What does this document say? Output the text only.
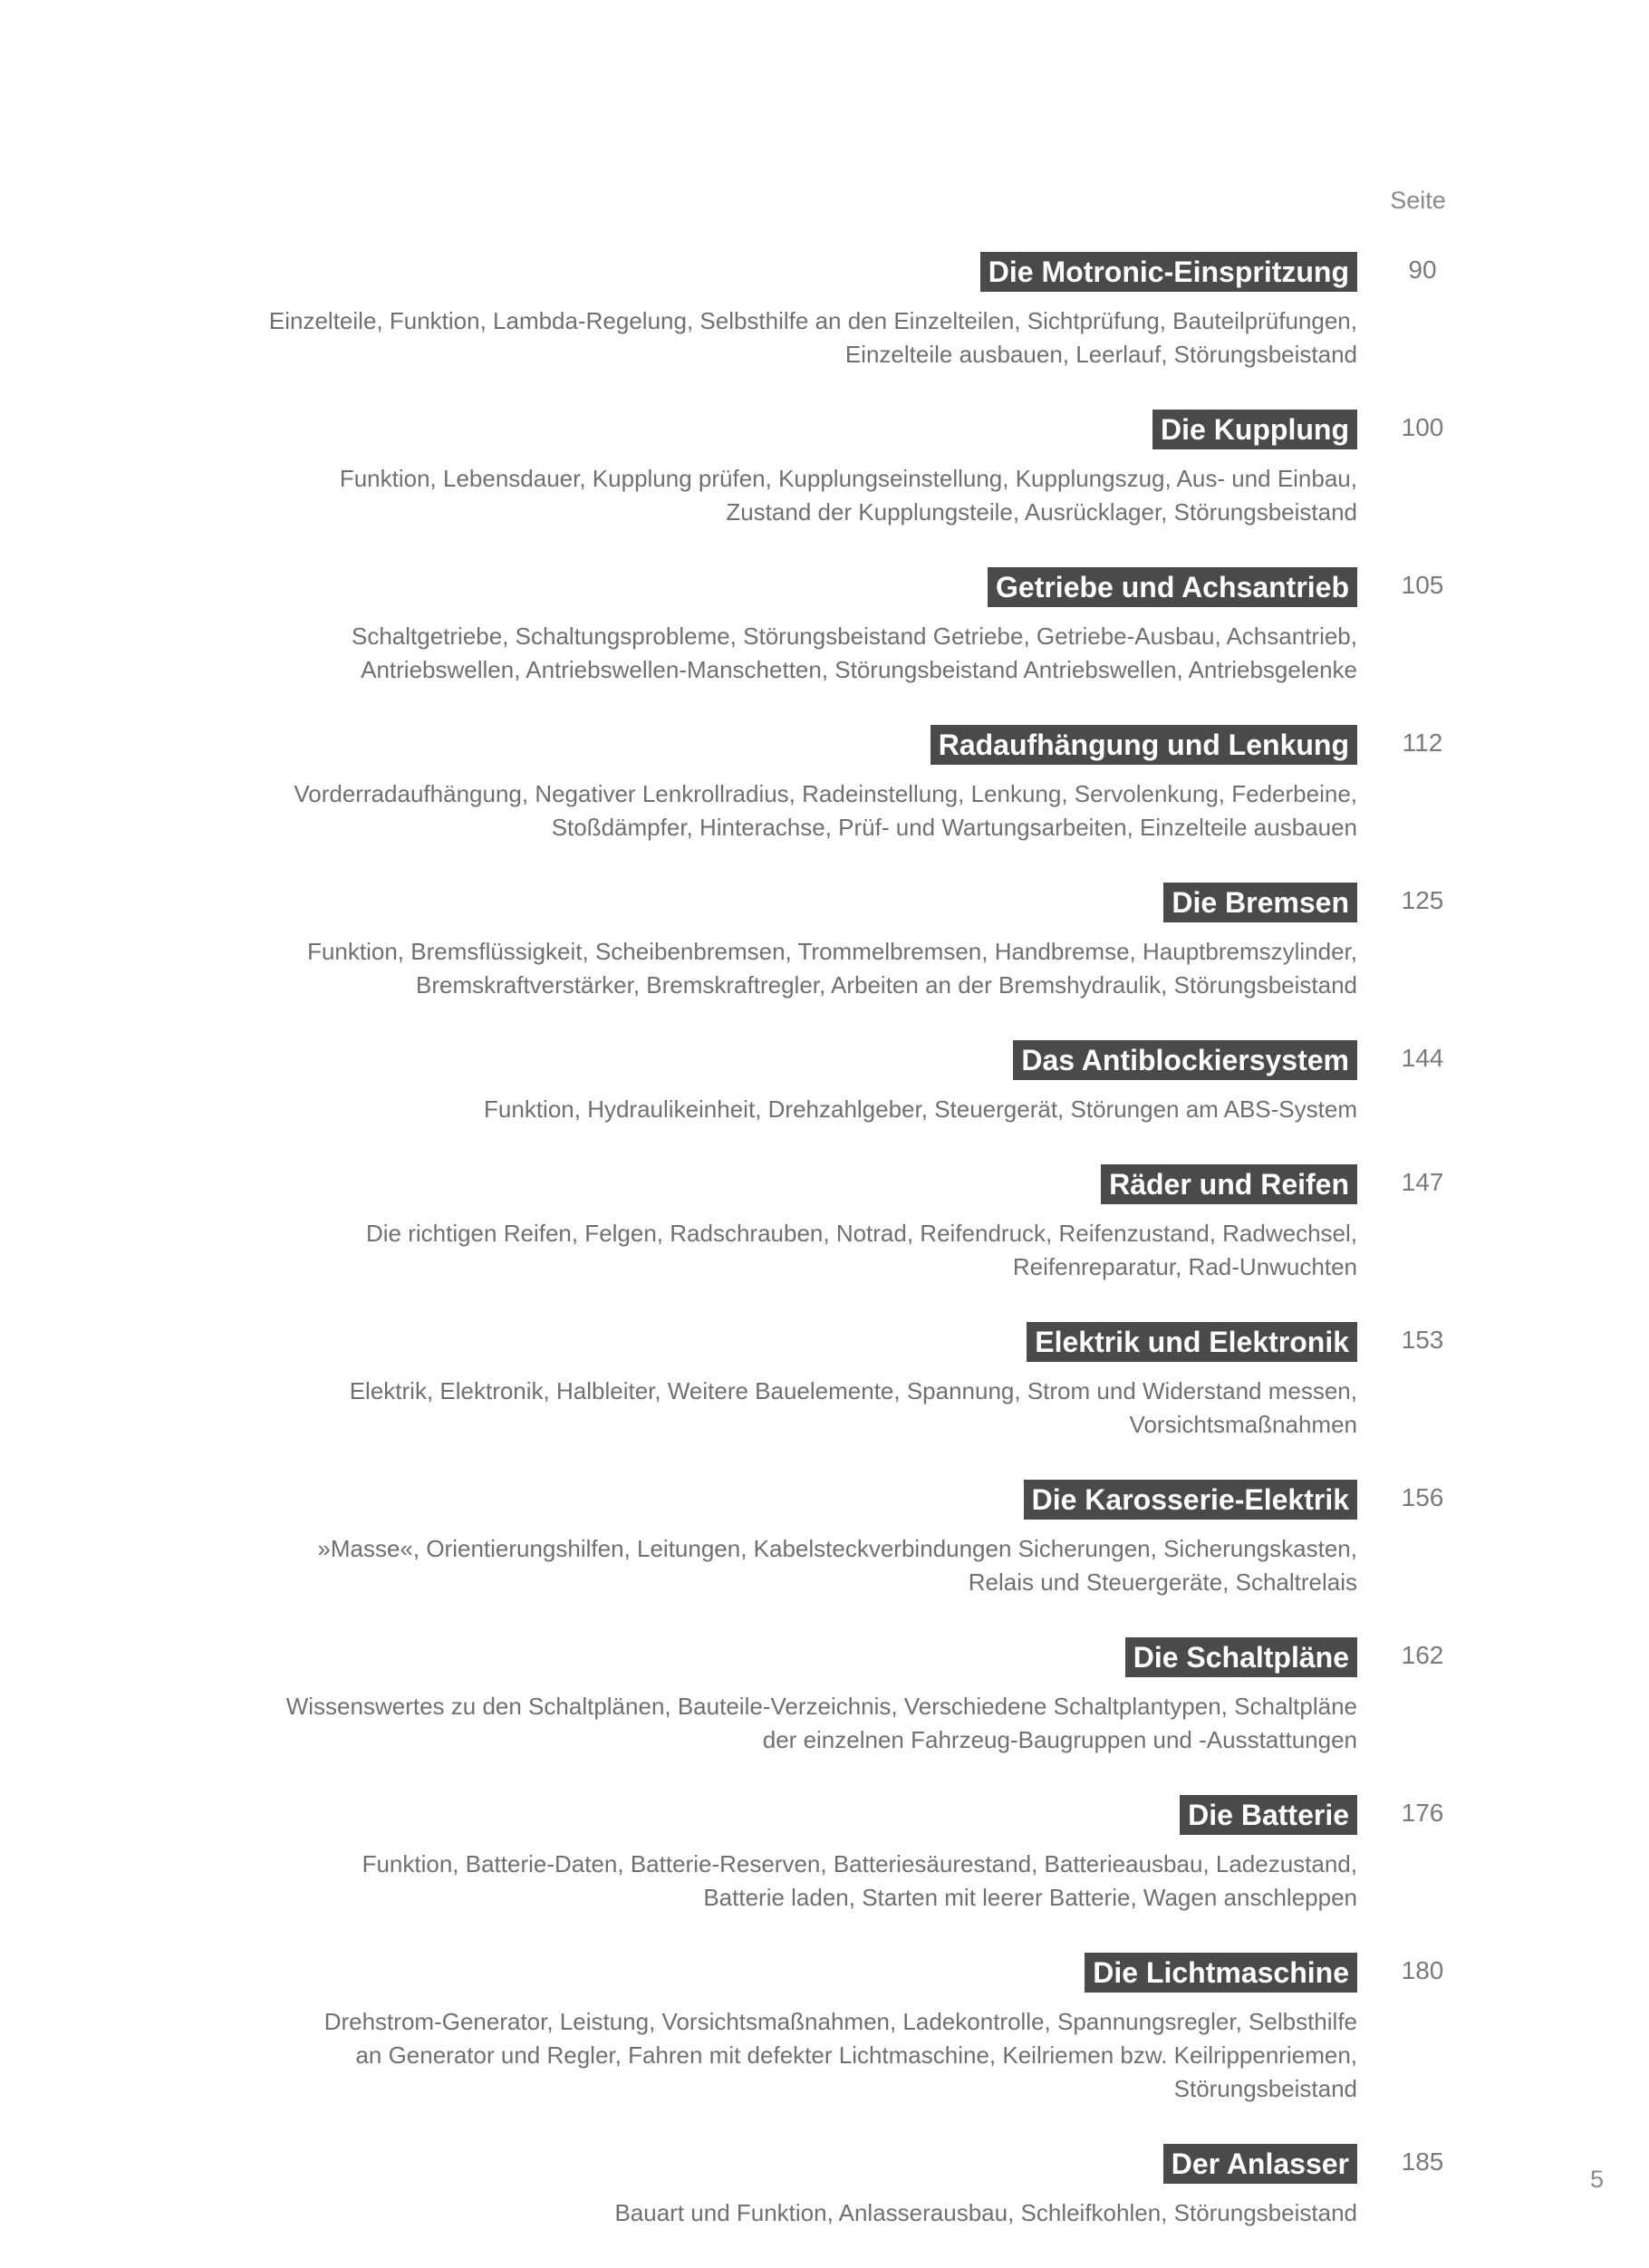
Seite
Die Motronic-Einspritzung	90
Einzelteile, Funktion, Lambda-Regelung, Selbsthilfe an den Einzelteilen, Sichtprüfung, Bauteilprüfungen,
Einzelteile ausbauen, Leerlauf, Störungsbeistand
Die Kupplung	100
Funktion, Lebensdauer, Kupplung prüfen, Kupplungseinstellung, Kupplungszug, Aus- und Einbau,
Zustand der Kupplungsteile, Ausrücklager, Störungsbeistand
Getriebe und Achsantrieb	105
Schaltgetriebe, Schaltungsprobleme, Störungsbeistand Getriebe, Getriebe-Ausbau, Achsantrieb,
Antriebswellen, Antriebswellen-Manschetten, Störungsbeistand Antriebswellen, Antriebsgelenke
Radaufhängung und Lenkung	112
Vorderradaufhängung, Negativer Lenkrollradius, Radeinstellung, Lenkung, Servolenkung, Federbeine,
Stoßdämpfer, Hinterachse, Prüf- und Wartungsarbeiten, Einzelteile ausbauen
Die Bremsen	125
Funktion, Bremsflüssigkeit, Scheibenbremsen, Trommelbremsen, Handbremse, Hauptbremszylinder,
Bremskraftverstärker, Bremskraftregler, Arbeiten an der Bremshydraulik, Störungsbeistand
Das Antiblockiersystem	144
Funktion, Hydraulikeinheit, Drehzahlgeber, Steuergerät, Störungen am ABS-System
Räder und Reifen	147
Die richtigen Reifen, Felgen, Radschrauben, Notrad, Reifendruck, Reifenzustand, Radwechsel,
Reifenreparatur, Rad-Unwuchten
Elektrik und Elektronik	153
Elektrik, Elektronik, Halbleiter, Weitere Bauelemente, Spannung, Strom und Widerstand messen,
Vorsichtsmaßnahmen
Die Karosserie-Elektrik	156
»Masse«, Orientierungshilfen, Leitungen, Kabelsteckverbindungen Sicherungen, Sicherungskasten,
Relais und Steuergeräte, Schaltrelais
Die Schaltpläne	162
Wissenswertes zu den Schaltplänen, Bauteile-Verzeichnis, Verschiedene Schaltplantypen, Schaltpläne
der einzelnen Fahrzeug-Baugruppen und -Ausstattungen
Die Batterie	176
Funktion, Batterie-Daten, Batterie-Reserven, Batteriesäurestand, Batterieausbau, Ladezustand,
Batterie laden, Starten mit leerer Batterie, Wagen anschleppen
Die Lichtmaschine	180
Drehstrom-Generator, Leistung, Vorsichtsmaßnahmen, Ladekontrolle, Spannungsregler, Selbsthilfe
an Generator und Regler, Fahren mit defekter Lichtmaschine, Keilriemen bzw. Keilrippenriemen,
Störungsbeistand
Der Anlasser	185
Bauart und Funktion, Anlasserausbau, Schleifkohlen, Störungsbeistand
5
